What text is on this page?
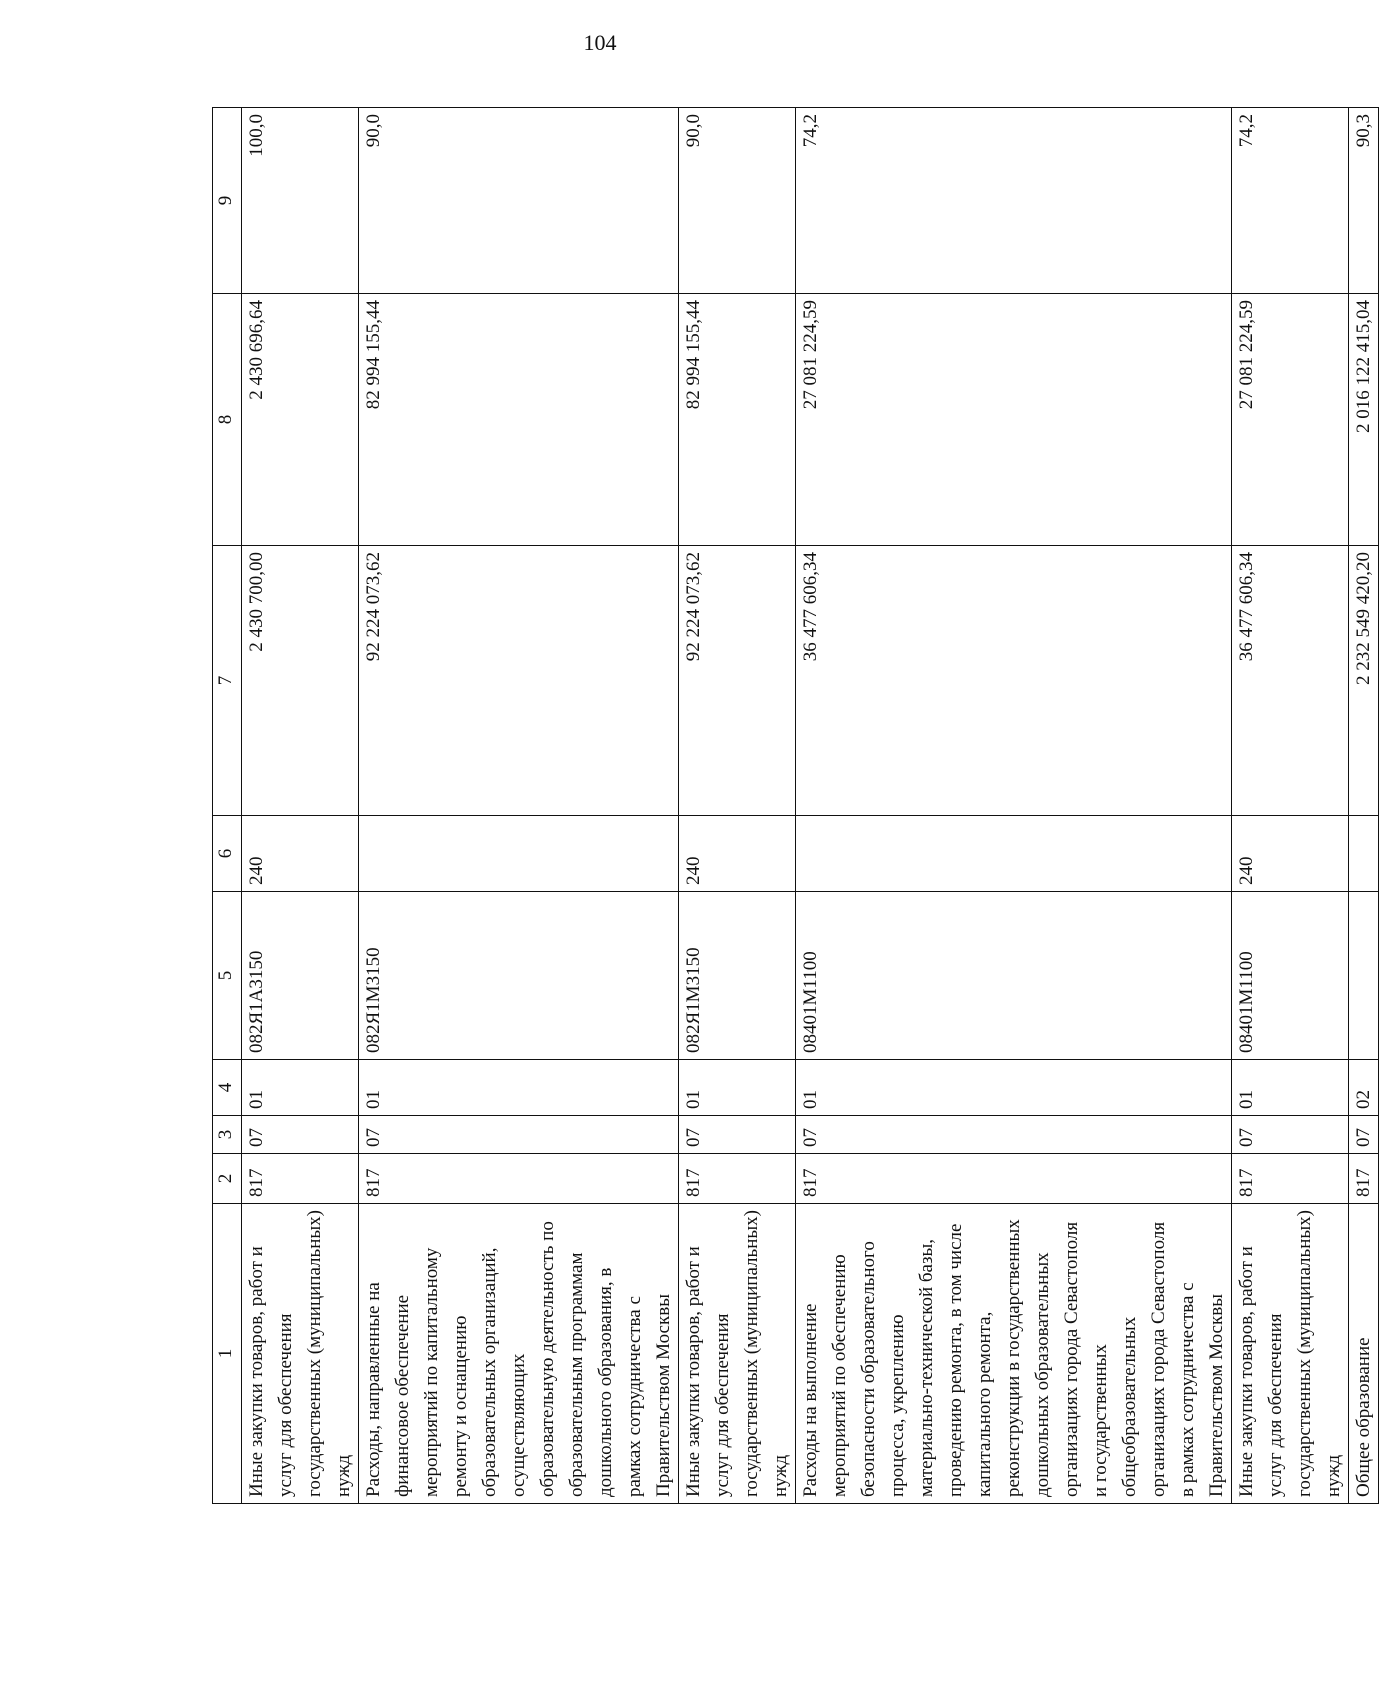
104
1	2	3	4	5	6	7	8	9
Иные закупки товаров, работ и услуг для обеспечения государственных (муниципальных) нужд	817	07	01	082Я1А3150	240	2 430 700,00	2 430 696,64	100,0
Расходы, направленные на финансовое обеспечение мероприятий по капитальному ремонту и оснащению образовательных организаций, осуществляющих образовательную деятельность по образовательным программам дошкольного образования, в рамках сотрудничества с Правительством Москвы	817	07	01	082Я1М3150		92 224 073,62	82 994 155,44	90,0
Иные закупки товаров, работ и услуг для обеспечения государственных (муниципальных) нужд	817	07	01	082Я1М3150	240	92 224 073,62	82 994 155,44	90,0
Расходы на выполнение мероприятий по обеспечению безопасности образовательного процесса, укреплению материально-технической базы, проведению ремонта, в том числе капитального ремонта, реконструкции в государственных дошкольных образовательных организациях города Севастополя и государственных общеобразовательных организациях города Севастополя в рамках сотрудничества с Правительством Москвы	817	07	01	08401М1100		36 477 606,34	27 081 224,59	74,2
Иные закупки товаров, работ и услуг для обеспечения государственных (муниципальных) нужд	817	07	01	08401М1100	240	36 477 606,34	27 081 224,59	74,2
Общее образование	817	07	02			2 232 549 420,20	2 016 122 415,04	90,3
